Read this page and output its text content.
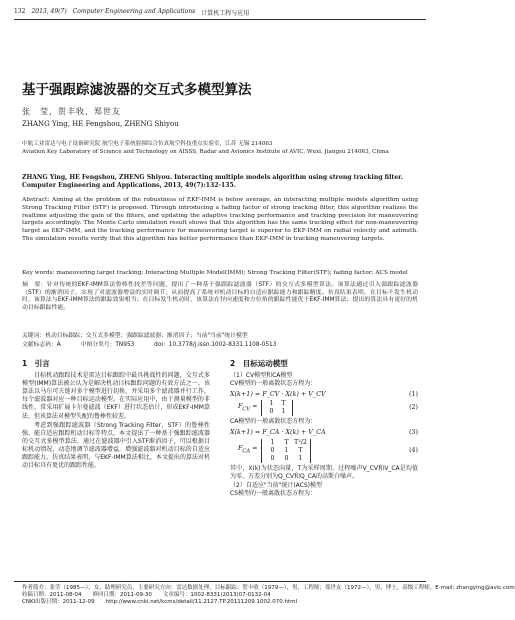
132 2013, 49(7) Computer Engineering and Applications 计算机工程与应用
基于强跟踪滤波器的交互式多模型算法
张　莹，贺丰收，郑世友
ZHANG Ying, HE Fengshou, ZHENG Shiyou
中航工业雷达与电子设备研究院 航空电子系统射频综合仿真航空科技重点实验室，江苏 无锡 214063
Aviation Key Laboratory of Science and Technology on AISSS, Radar and Avionics Institute of AVIC, Wuxi, Jiangsu 214063, China
ZHANG Ying, HE Fengshou, ZHENG Shiyou. Interacting multiple models algorithm using strong tracking filter. Computer Engineering and Applications, 2013, 49(7):132-135.
Abstract: Aiming at the problem of the robustness of EKF-IMM is below average, an interacting multiple models algorithm using Strong Tracking Filter (STF) is proposed. Through introducing a fading factor of strong tracking filter, this algorithm realizes the realtime adjusting the gain of the filters, and updating the adaptive tracking performance and tracking precision for maneuvering targets accordingly. The Monte Carlo simulation result shows that this algorithm has the same tracking effect for non-maneuvering target as EKF-IMM, and the tracking performance for maneuvering target is superior to EKF-IMM on radial velocity and azimuth. The simulation results verify that this algorithm has better performance than EKF-IMM in tracking maneuvering targets.
Key words: maneuvering target tracking; Interacting Multiple Model(IMM); Strong Tracking Filter(STF); fading factor; ACS model
摘　要：针对传统的EKF-IMM算法鲁棒性较差等问题，提出了一种基于强跟踪滤波器（STF）的交互式多模型算法。该算法通过引入强跟踪滤波器（STF）的渐消因子，实现了对滤波器增益的实时调节，从而提高了系统对机动目标的自适应跟踪能力和跟踪精度。仿真结果表明，在目标不发生机动时，该算法与EKF-IMM算法的跟踪效果相当；在目标发生机动时，该算法在径向速度和方位角的跟踪性能优于EKF-IMM算法；提出的算法具有更好的机动目标跟踪性能。
关键词：机动目标跟踪；交互式多模型；强跟踪滤波器；渐消因子；当前"当前"统计模型
文献标志码：A	中图分类号：TN953	doi：10.3778/j.issn.1002-8331.1108-0513
1　引言

目标机动跟踪技术是雷达目标跟踪中最具挑战性的问题，交互式多模型(IMM)算法被公认为是解决机动目标跟踪问题的有效方法之一。该算法以马尔可夫链对多个模型进行切换，并采用多个滤波器并行工作，每个滤波器对应一种目标运动模型。在实际应用中，由于测量模型的非线性，常采用扩展卡尔曼滤波（EKF）进行状态估计，形成EKF-IMM算法，但该算法对模型失配的鲁棒性较差。

考虑到强跟踪滤波器（Strong Tracking Filter，STF）的鲁棒性强、能自适应跟踪机动目标等特点，本文提出了一种基于强跟踪滤波器的交互式多模型算法，通过在滤波器中引入STF渐消因子，可以根据目标机动情况，动态地调节滤波器增益，增强滤波器对机动目标的自适应跟踪能力。仿真结果表明，与EKF-IMM算法相比，本文提出的算法对机动目标具有更优的跟踪性能。

2　目标运动模型
（1）CV模型和CA模型
CV模型的一般离散状态方程为：
X(k+1) = F_CV · X(k) + V_CV	(1)
$F_{CV}$ =	1	T
0	1
(2)
CA模型的一般离散状态方程为：
X(k+1) = F_CA · X(k) + V_CA	(3)
$F_{CA}$ =
1	T T²/2
0	1	T
0	0	1
(4)

其中，X(k)为状态向量，T为采样周期，过程噪声V_CV和V_CA是均值为零、方差分别为Q_CV和Q_CA的高斯白噪声。

（2）自适应"当前"统计(ACS)模型
CS模型的一般离散状态方程为：
作者简介：张莹（1985—），女，助理研究员，主要研究方向：雷达数据处理、目标跟踪；贺丰收（1979—），男，工程师；郑世友（1972—），男，博士，高级工程师。E-mail: zhangying@avic.com
收稿日期：2011-08-04　　修回日期：2011-09-30　　文章编号：1002-8331(2013)07-0132-04
CNKI出版日期：2011-12-09　　http://www.cnki.net/kcms/detail/11.2127.TP.20111209.1002.070.html
